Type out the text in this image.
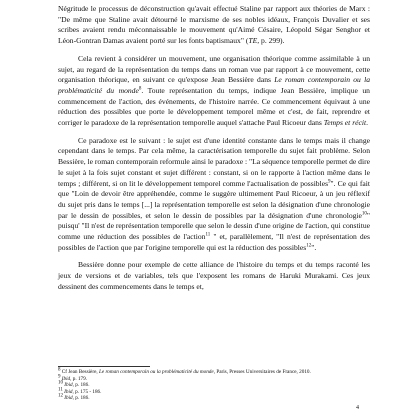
Négritude le processus de déconstruction qu'avait effectué Staline par rapport aux théories de Marx : "De même que Staline avait détourné le marxisme de ses nobles idéaux, François Duvalier et ses scribes avaient rendu méconnaissable le mouvement qu'Aimé Césaire, Léopold Ségar Senghor et Léon-Gontran Damas avaient porté sur les fonts baptismaux" (TE, p. 299).

Cela revient à considérer un mouvement, une organisation théorique comme assimilable à un sujet, au regard de la représentation du temps dans un roman vue par rapport à ce mouvement, cette organisation théorique, en suivant ce qu'expose Jean Bessière dans Le roman contemporain ou la problématicité du monde$^8$. Toute représentation du temps, indique Jean Bessière, implique un commencement de l'action, des événements, de l'histoire narrée. Ce commencement équivaut à une réduction des possibles que porte le développement temporel même et c'est, de fait, reprendre et corriger le paradoxe de la représentation temporelle auquel s'attache Paul Ricoeur dans Temps et récit.

Ce paradoxe est le suivant : le sujet est d'une identité constante dans le temps mais il change cependant dans le temps. Par cela même, la caractérisation temporelle du sujet fait problème. Selon Bessière, le roman contemporain reformule ainsi le paradoxe : "La séquence temporelle permet de dire le sujet à la fois sujet constant et sujet différent : constant, si on le rapporte à l'action même dans le temps ; différent, si on lit le développement temporel comme l'actualisation de possibles$^9$". Ce qui fait que "Loin de devoir être appréhendée, comme le suggère ultimement Paul Ricoeur, à un jeu réflexif du sujet pris dans le temps [...] la représentation temporelle est selon la désignation d'une chronologie par le dessin de possibles, et selon le dessin de possibles par la désignation d'une chronologie$^{10}$" puisqu' "Il n'est de représentation temporelle que selon le dessin d'une origine de l'action, qui constitue comme une réduction des possibles de l'action$^{11}$ " et, parallèlement, "Il n'est de représentation des possibles de l'action que par l'origine temporelle qui est la réduction des possibles$^{12}$".

Bessière donne pour exemple de cette alliance de l'histoire du temps et du temps raconté les jeux de versions et de variables, tels que l'exposent les romans de Haruki Murakami. Ces jeux dessinent des commencements dans le temps et,

$^8$ Cf Jean Bessière, Le roman contemporain ou la problématicité du monde, Paris, Presses Universitaires de France, 2010.
$^9$ Ibid, p. 179.
$^{10}$ Ibid, p. 186.
$^{11}$ Ibid, p. 175 - 186.
$^{12}$ Ibid, p. 186.
4
